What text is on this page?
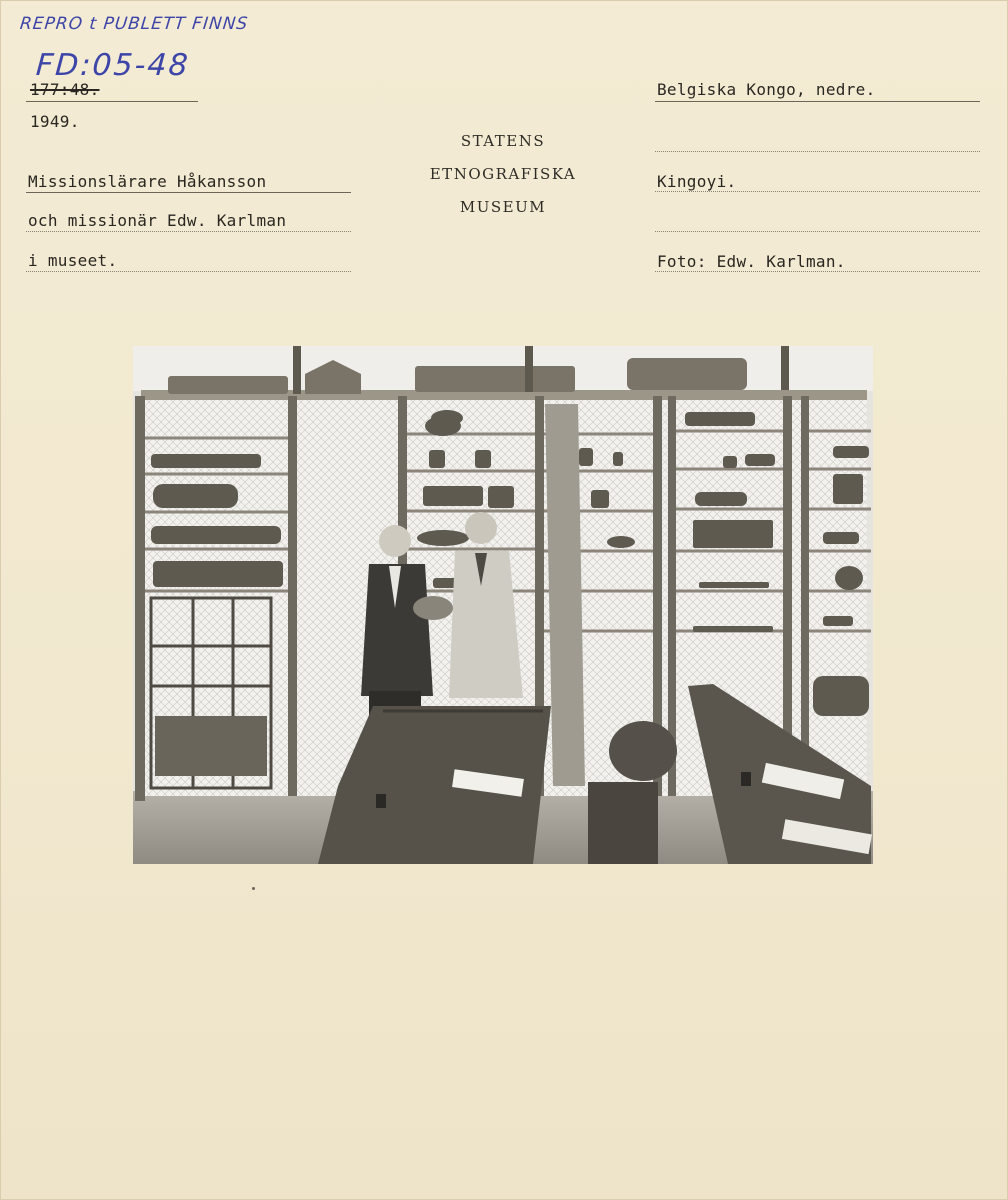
REPRO t PUBLETT FINNS
FD:05-48
177:48.
1949.
Missionslärare Håkansson
och missionär Edw. Karlman
i museet.
STATENS
ETNOGRAFISKA
MUSEUM
Belgiska Kongo, nedre.
Kingoyi.
Foto: Edw. Karlman.
